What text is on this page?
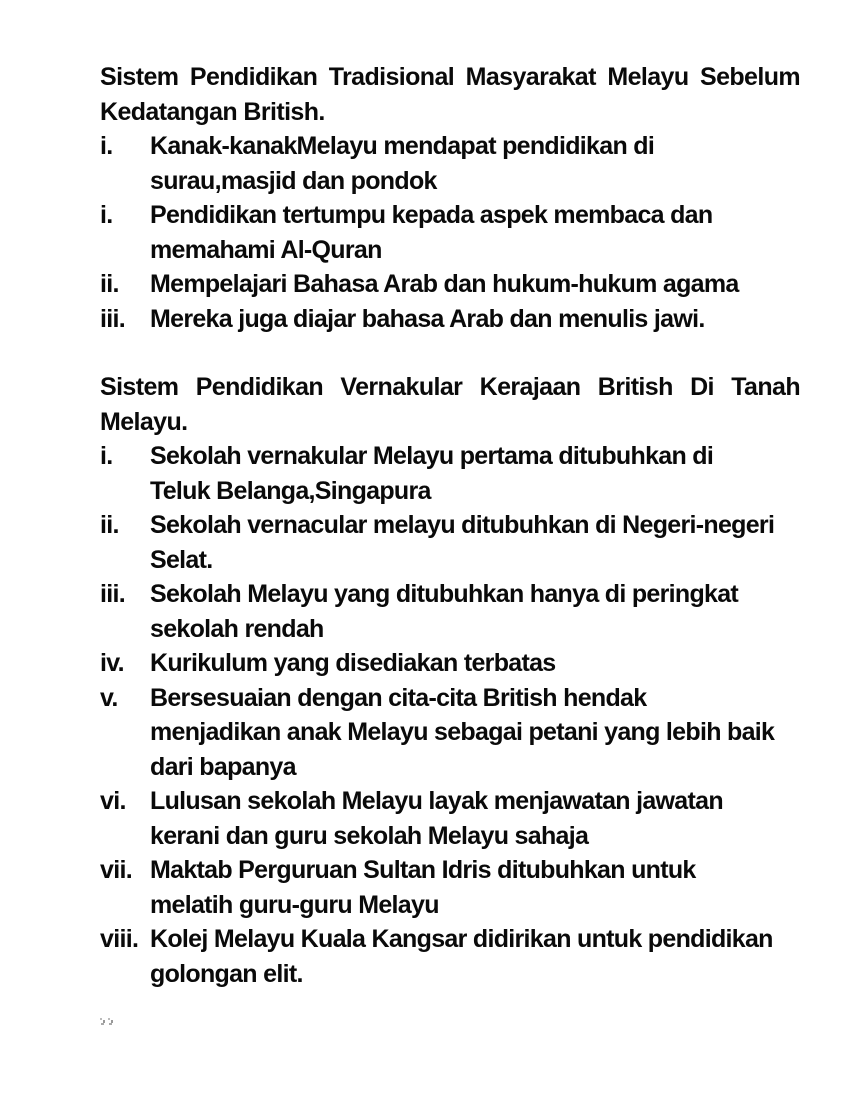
Sistem Pendidikan Tradisional Masyarakat Melayu Sebelum
Kedatangan British.
i.	Kanak-kanakMelayu mendapat pendidikan di
surau,masjid dan pondok
i.	Pendidikan tertumpu kepada aspek membaca dan
memahami Al-Quran
ii.	Mempelajari Bahasa Arab dan hukum-hukum agama
iii.	Mereka juga diajar bahasa Arab dan menulis jawi.
Sistem Pendidikan Vernakular Kerajaan British Di Tanah
Melayu.
i.	Sekolah vernakular Melayu pertama ditubuhkan di
Teluk Belanga,Singapura
ii.	Sekolah vernacular melayu ditubuhkan di Negeri-negeri
Selat.
iii.	Sekolah Melayu yang ditubuhkan hanya di peringkat
sekolah rendah
iv.	Kurikulum yang disediakan terbatas
v.	Bersesuaian dengan cita-cita British hendak
menjadikan anak Melayu sebagai petani yang lebih baik
dari bapanya
vi. Lulusan sekolah Melayu layak menjawatan jawatan
kerani dan guru sekolah Melayu sahaja
vii. Maktab Perguruan Sultan Idris ditubuhkan untuk
melatih guru-guru Melayu
viii. Kolej Melayu Kuala Kangsar didirikan untuk pendidikan
golongan elit.
